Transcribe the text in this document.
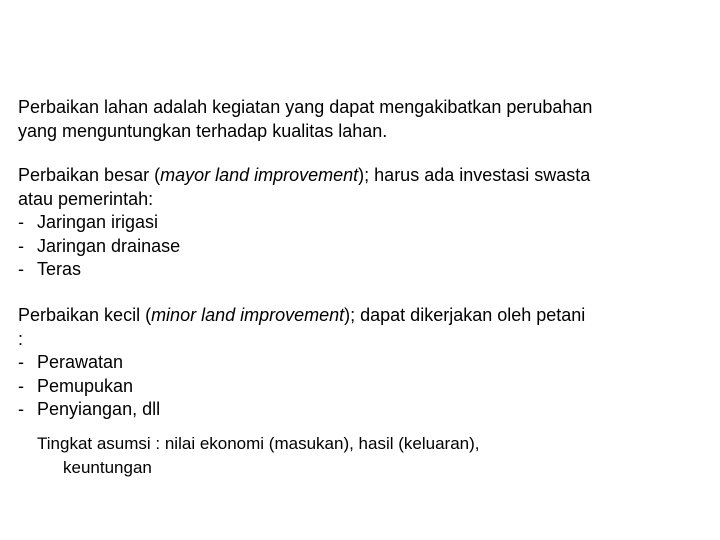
Perbaikan lahan adalah kegiatan yang dapat mengakibatkan perubahan
yang menguntungkan terhadap kualitas lahan.
Perbaikan besar (mayor land improvement); harus ada investasi swasta
atau pemerintah:
- Jaringan irigasi
- Jaringan drainase
- Teras
Perbaikan kecil (minor land improvement); dapat dikerjakan oleh petani
:
- Perawatan
- Pemupukan
- Penyiangan, dll
Tingkat asumsi : nilai ekonomi (masukan), hasil (keluaran),
keuntungan
